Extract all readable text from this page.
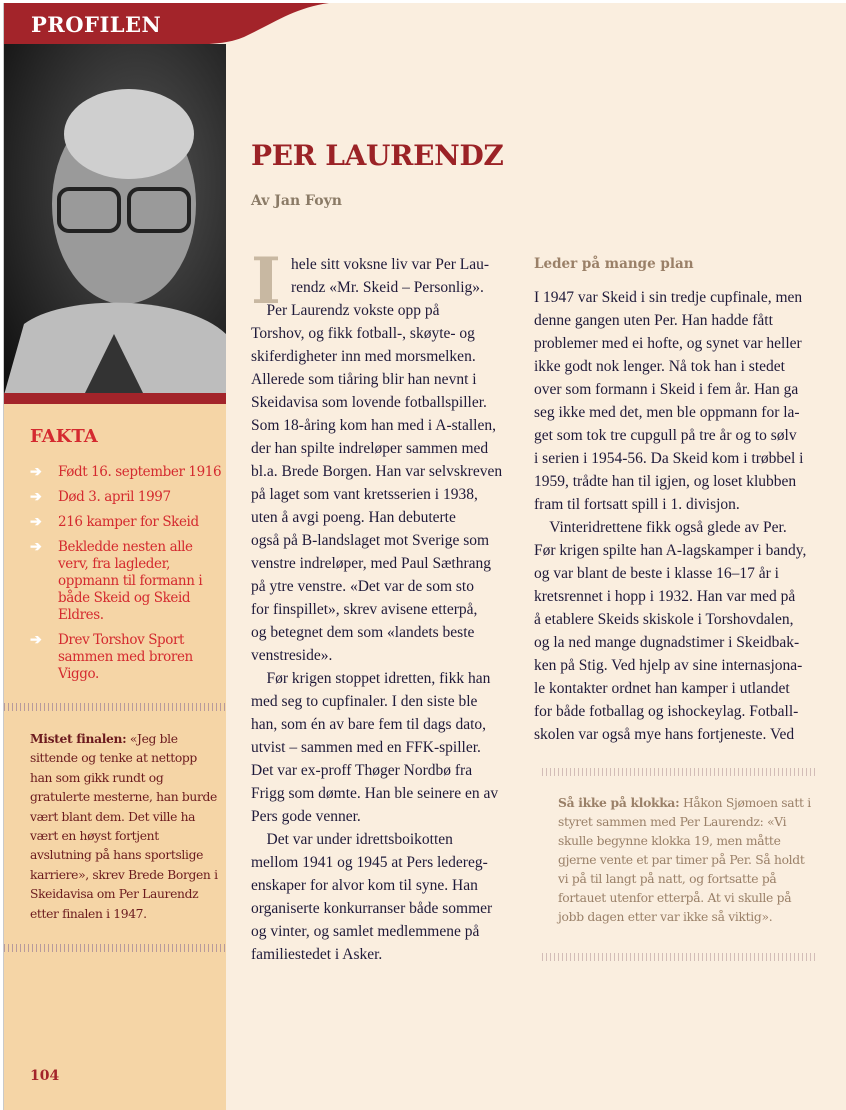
PROFILEN
FAKTA
➔	Født 16. september 1916
➔	Død 3. april 1997
➔	216 kamper for Skeid
➔	Bekledde nesten alle verv, fra lagleder, oppmann til formann i både Skeid og Skeid Eldres.
➔	Drev Torshov Sport sammen med broren Viggo.
Mistet finalen: «Jeg ble sittende og tenke at nettopp han som gikk rundt og gratulerte mesterne, han burde vært blant dem. Det ville ha vært en høyst fortjent avslutning på hans sportslige karriere», skrev Brede Borgen i Skeidavisa om Per Laurendz etter finalen i 1947.
104
PER LAURENDZ
Av Jan Foyn
I hele sitt voksne liv var Per Lau-
rendz «Mr. Skeid – Personlig».
Per Laurendz vokste opp på
Torshov, og fikk fotball-, skøyte- og
skiferdigheter inn med morsmelken.
Allerede som tiåring blir han nevnt i
Skeidavisa som lovende fotballspiller.
Som 18-åring kom han med i A-stallen,
der han spilte indreløper sammen med
bl.a. Brede Borgen. Han var selvskreven
på laget som vant kretsserien i 1938,
uten å avgi poeng. Han debuterte
også på B-landslaget mot Sverige som
venstre indreløper, med Paul Sæthrang
på ytre venstre. «Det var de som sto
for finspillet», skrev avisene etterpå,
og betegnet dem som «landets beste
venstreside».
Før krigen stoppet idretten, fikk han
med seg to cupfinaler. I den siste ble
han, som én av bare fem til dags dato,
utvist – sammen med en FFK-spiller.
Det var ex-proff Thøger Nordbø fra
Frigg som dømte. Han ble seinere en av
Pers gode venner.
Det var under idrettsboikotten
mellom 1941 og 1945 at Pers ledereg-
enskaper for alvor kom til syne. Han
organiserte konkurranser både sommer
og vinter, og samlet medlemmene på
familiestedet i Asker.
Leder på mange plan
I 1947 var Skeid i sin tredje cupfinale, men
denne gangen uten Per. Han hadde fått
problemer med ei hofte, og synet var heller
ikke godt nok lenger. Nå tok han i stedet
over som formann i Skeid i fem år. Han ga
seg ikke med det, men ble oppmann for la-
get som tok tre cupgull på tre år og to sølv
i serien i 1954-56. Da Skeid kom i trøbbel i
1959, trådte han til igjen, og loset klubben
fram til fortsatt spill i 1. divisjon.
Vinteridrettene fikk også glede av Per.
Før krigen spilte han A-lagskamper i bandy,
og var blant de beste i klasse 16–17 år i
kretsrennet i hopp i 1932. Han var med på
å etablere Skeids skiskole i Torshovdalen,
og la ned mange dugnadstimer i Skeidbak-
ken på Stig. Ved hjelp av sine internasjona-
le kontakter ordnet han kamper i utlandet
for både fotballag og ishockeylag. Fotball-
skolen var også mye hans fortjeneste. Ved
Så ikke på klokka: Håkon Sjømoen satt i styret sammen med Per Laurendz: «Vi skulle begynne klokka 19, men måtte gjerne vente et par timer på Per. Så holdt vi på til langt på natt, og fortsatte på fortauet utenfor etterpå. At vi skulle på jobb dagen etter var ikke så viktig».
